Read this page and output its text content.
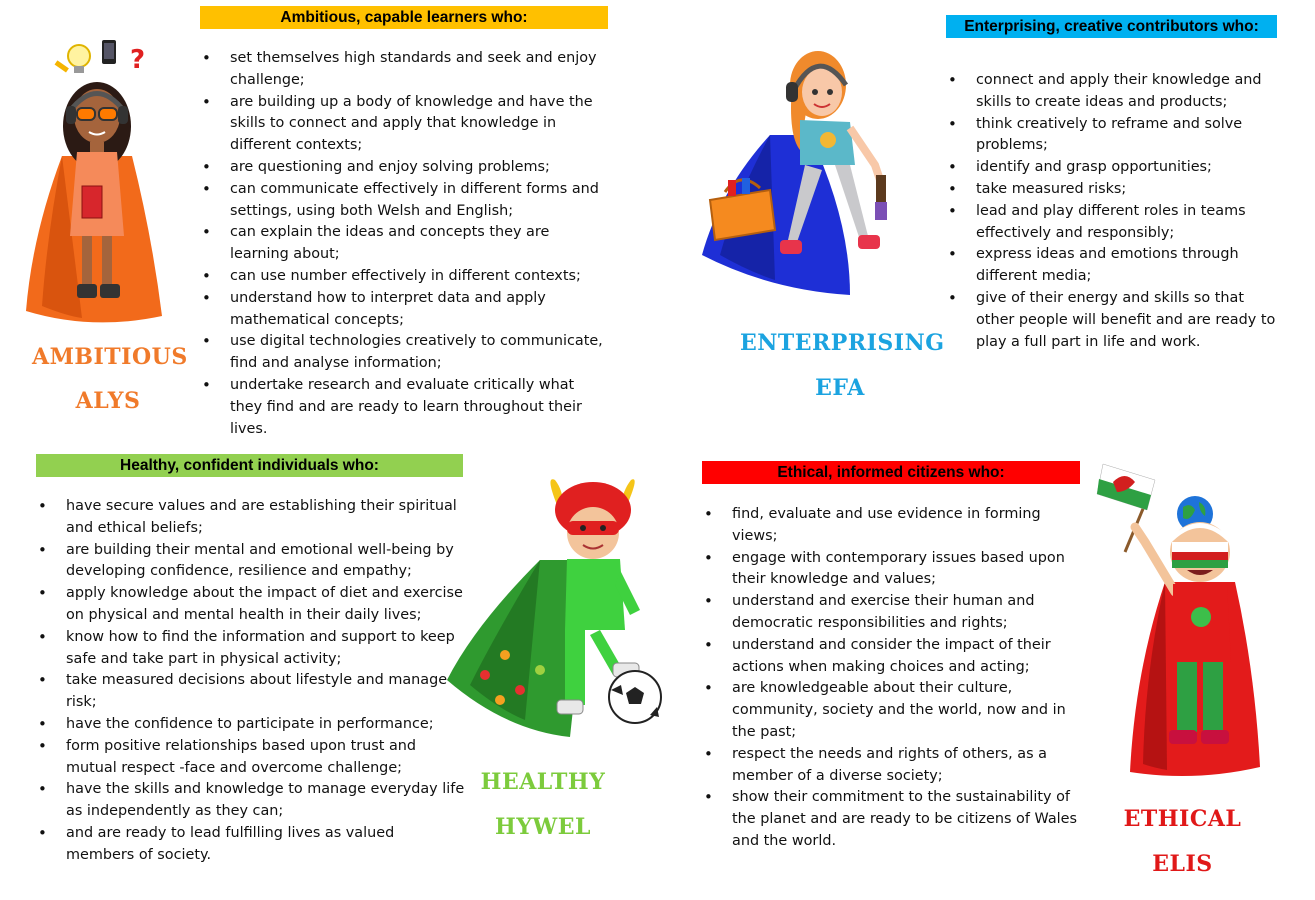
Ambitious, capable learners who:
?
AMBITIOUS
ALYS
• set themselves high standards and seek and enjoy challenge;
• are building up a body of knowledge and have the skills to connect and apply that knowledge in different contexts;
• are questioning and enjoy solving problems;
• can communicate effectively in different forms and settings, using both Welsh and English;
• can explain the ideas and concepts they are learning about;
• can use number effectively in different contexts;
• understand how to interpret data and apply mathematical concepts;
• use digital technologies creatively to communicate, find and analyse information;
• undertake research and evaluate critically what they find and are ready to learn throughout their lives.
Enterprising, creative contributors who:
ENTERPRISING
EFA
• connect and apply their knowledge and skills to create ideas and products;
• think creatively to reframe and solve problems;
• identify and grasp opportunities;
• take measured risks;
• lead and play different roles in teams effectively and responsibly;
• express ideas and emotions through different media;
• give of their energy and skills so that other people will benefit and are ready to play a full part in life and work.
Healthy, confident individuals who:
• have secure values and are establishing their spiritual and ethical beliefs;
• are building their mental and emotional well-being by developing confidence, resilience and empathy;
• apply knowledge about the impact of diet and exercise on physical and mental health in their daily lives;
• know how to find the information and support to keep safe and take part in physical activity;
• take measured decisions about lifestyle and manage risk;
• have the confidence to participate in performance;
• form positive relationships based upon trust and mutual respect -face and overcome challenge;
• have the skills and knowledge to manage everyday life as independently as they can;
• and are ready to lead fulfilling lives as valued members of society.
HEALTHY
HYWEL
Ethical, informed citizens who:
• find, evaluate and use evidence in forming views;
• engage with contemporary issues based upon their knowledge and values;
• understand and exercise their human and democratic responsibilities and rights;
• understand and consider the impact of their actions when making choices and acting;
• are knowledgeable about their culture, community, society and the world, now and in the past;
• respect the needs and rights of others, as a member of a diverse society;
• show their commitment to the sustainability of the planet and are ready to be citizens of Wales and the world.
ETHICAL
ELIS
